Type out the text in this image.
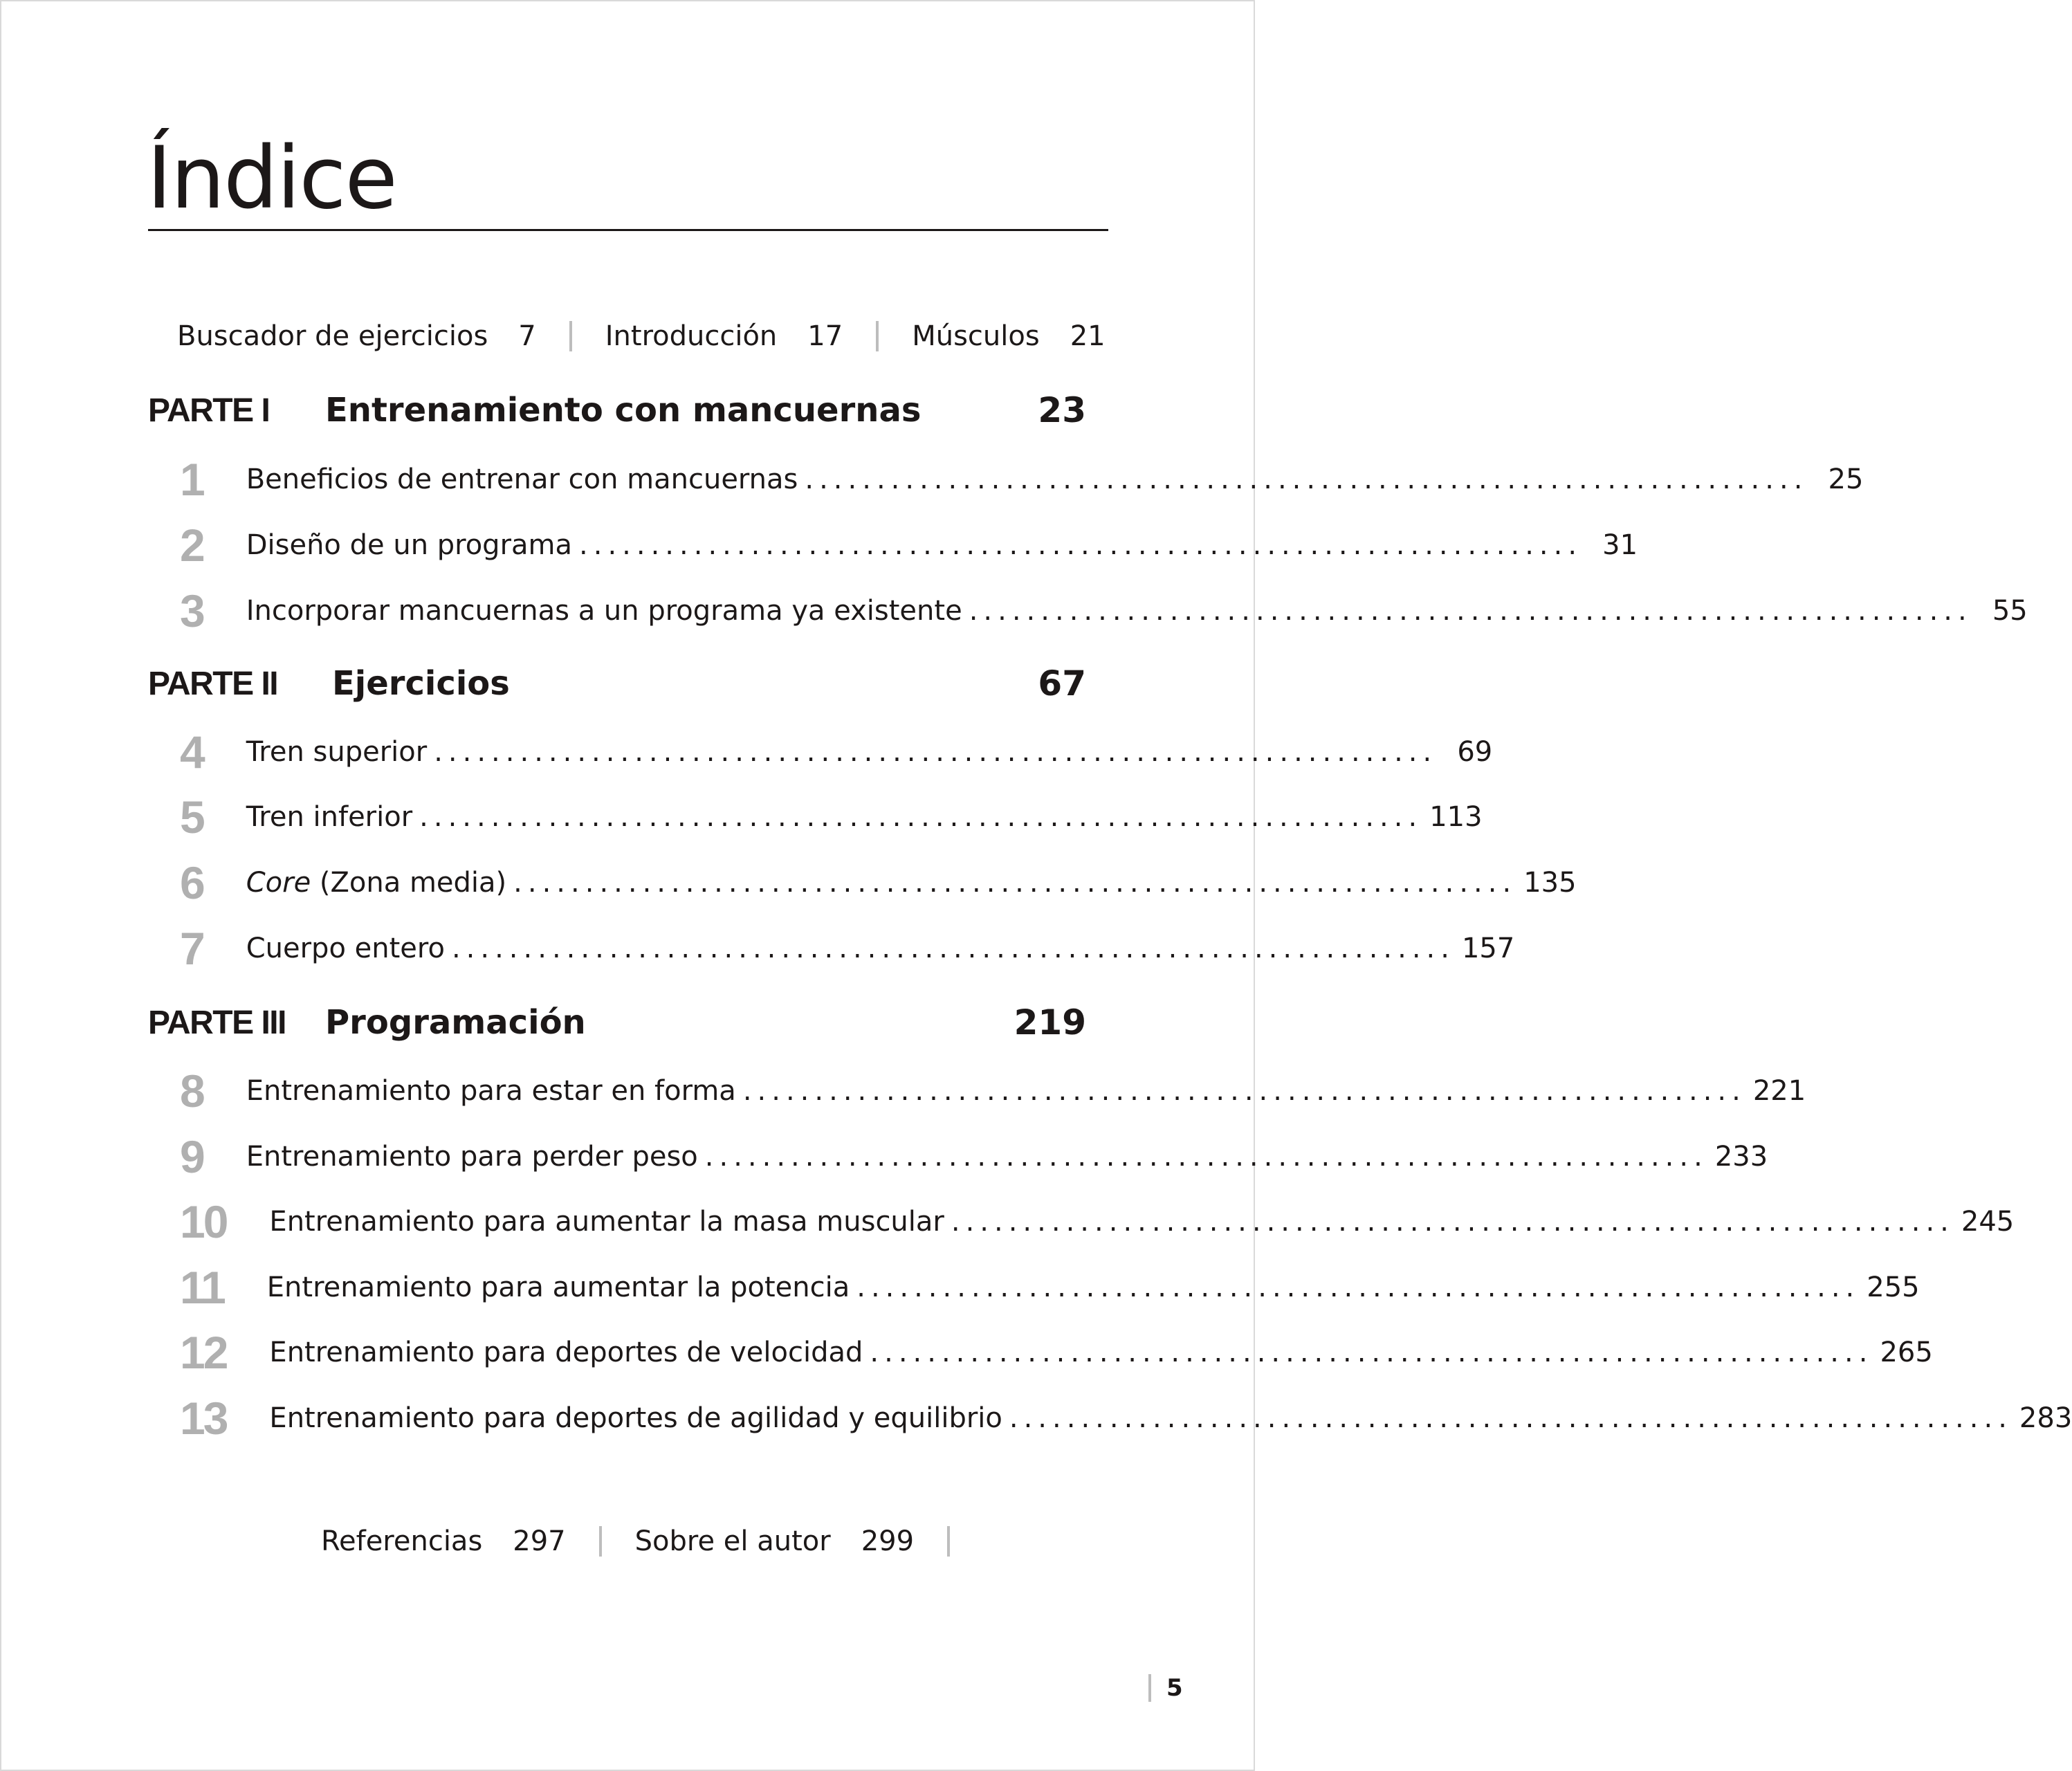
Índice
Buscador de ejercicios 7	Introducción 17	Músculos 21
PARTE I	Entrenamiento con mancuernas	23
1	Beneficios de entrenar con mancuernas ...................................................................... 25
2	Diseño de un programa ...................................................................... 31
3	Incorporar mancuernas a un programa ya existente ...................................................................... 55
PARTE II	Ejercicios	67
4	Tren superior ...................................................................... 69
5	Tren inferior ...................................................................... 113
6	Core (Zona media) ...................................................................... 135
7	Cuerpo entero ...................................................................... 157
PARTE III	Programación	219
8	Entrenamiento para estar en forma ...................................................................... 221
9	Entrenamiento para perder peso ...................................................................... 233
10	Entrenamiento para aumentar la masa muscular ...................................................................... 245
11	Entrenamiento para aumentar la potencia ...................................................................... 255
12	Entrenamiento para deportes de velocidad ...................................................................... 265
13	Entrenamiento para deportes de agilidad y equilibrio ...................................................................... 283
Referencias 297	Sobre el autor 299
5
